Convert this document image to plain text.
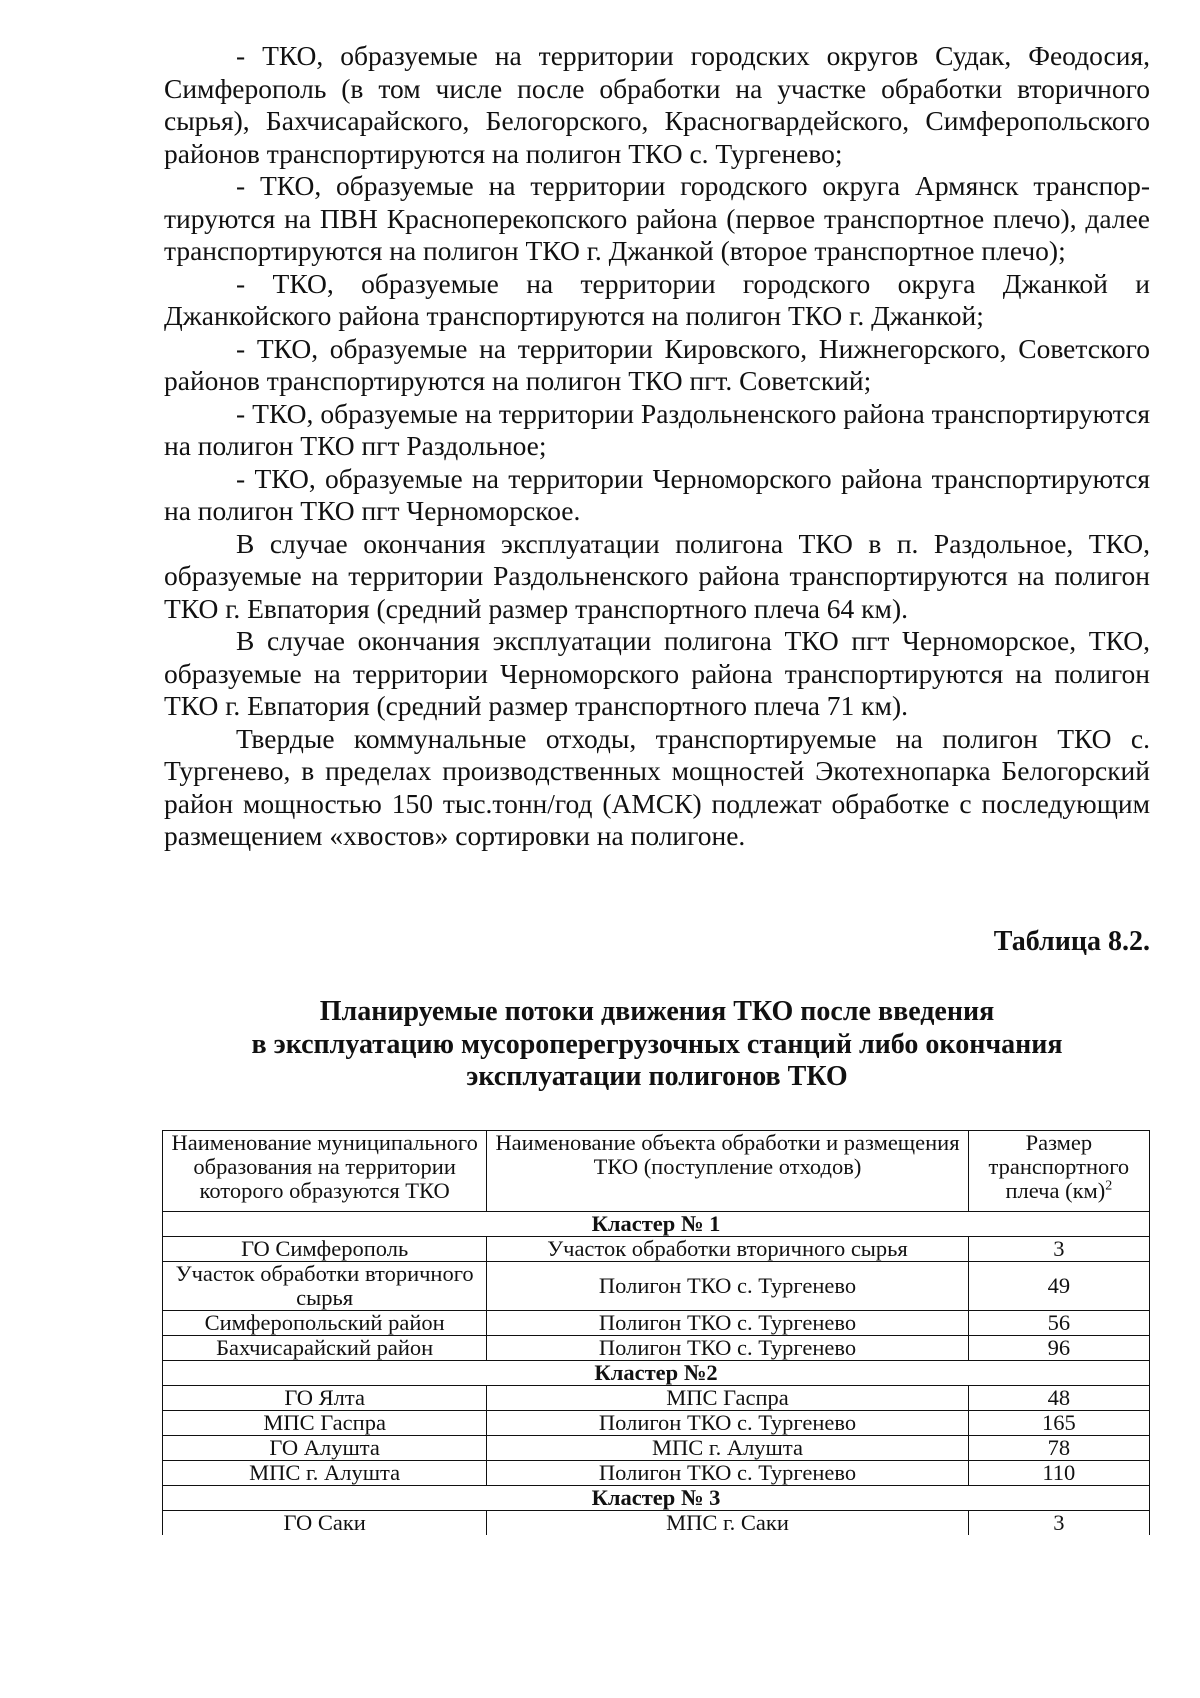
- ТКО, образуемые на территории городских округов Судак, Феодосия, Симферополь (в том числе после обработки на участке обработки вторичного сырья), Бахчисарайского, Белогорского, Красногвардейского, Симферопольского районов транспортируются на полигон ТКО с. Тургенево;

- ТКО, образуемые на территории городского округа Армянск транспортируются на ПВН Красноперекопского района (первое транспортное плечо), далее транспортируются на полигон ТКО г. Джанкой (второе транспортное плечо);

- ТКО, образуемые на территории городского округа Джанкой и Джанкойского района транспортируются на полигон ТКО г. Джанкой;

- ТКО, образуемые на территории Кировского, Нижнегорского, Советского районов транспортируются на полигон ТКО пгт. Советский;

- ТКО, образуемые на территории Раздольненского района транспортируются на полигон ТКО пгт Раздольное;

- ТКО, образуемые на территории Черноморского района транспортируются на полигон ТКО пгт Черноморское.

В случае окончания эксплуатации полигона ТКО в п. Раздольное, ТКО, образуемые на территории Раздольненского района транспортируются на полигон ТКО г. Евпатория (средний размер транспортного плеча 64 км).

В случае окончания эксплуатации полигона ТКО пгт Черноморское, ТКО, образуемые на территории Черноморского района транспортируются на полигон ТКО г. Евпатория (средний размер транспортного плеча 71 км).

Твердые коммунальные отходы, транспортируемые на полигон ТКО с. Тургенево, в пределах производственных мощностей Экотехнопарка Белогорский район мощностью 150 тыс.тонн/год (АМСК) подлежат обработке с последующим размещением «хвостов» сортировки на полигоне.

Таблица 8.2.
Планируемые потоки движения ТКО после введения
в эксплуатацию мусороперегрузочных станций либо окончания
эксплуатации полигонов ТКО
Наименование муниципального образования на территории которого образуются ТКО	Наименование объекта обработки и размещения ТКО (поступление отходов)	Размер транспортного плеча (км)$^2$
Кластер № 1		
ГО Симферополь	Участок обработки вторичного сырья	3
Участок обработки вторичного сырья	Полигон ТКО с. Тургенево	49
Симферопольский район	Полигон ТКО с. Тургенево	56
Бахчисарайский район	Полигон ТКО с. Тургенево	96
Кластер №2		
ГО Ялта	МПС Гаспра	48
МПС Гаспра	Полигон ТКО с. Тургенево	165
ГО Алушта	МПС г. Алушта	78
МПС г. Алушта	Полигон ТКО с. Тургенево	110
Кластер № 3		
ГО Саки	МПС г. Саки	3
